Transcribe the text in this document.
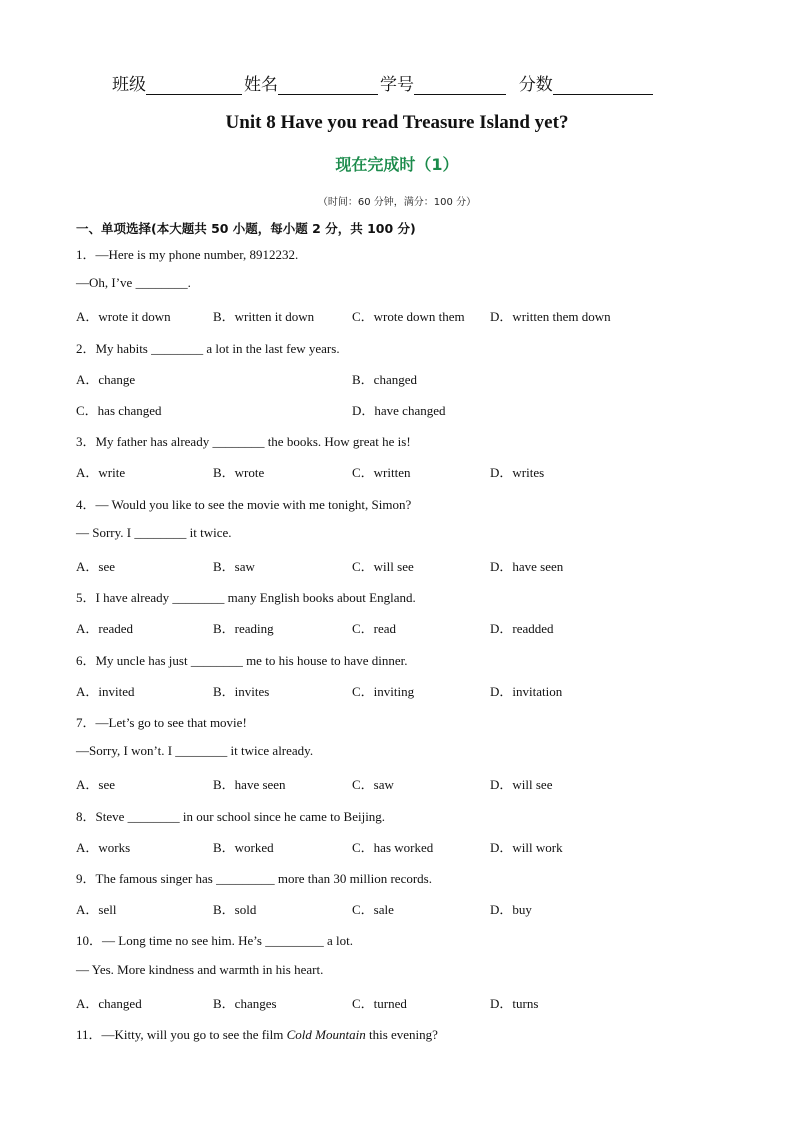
班级	姓名	学号	分数
Unit 8 Have you read Treasure Island yet?
现在完成时（1）
（时间：60 分钟，满分：100 分）
一、单项选择(本大题共 50 小题，每小题 2 分，共 100 分)
1．—Here is my phone number, 8912232.
—Oh, I’ve ________.
A．wrote it down	B．written it down	C．wrote down them D．written them down
2．My habits ________ a lot in the last few years.
A．change	B．changed
C．has changed	D．have changed
3．My father has already ________ the books. How great he is!
A．write	B．wrote	C．written	D．writes
4．— Would you like to see the movie with me tonight, Simon?
— Sorry. I ________ it twice.
A．see	B．saw	C．will see	D．have seen
5．I have already ________ many English books about England.
A．readed	B．reading	C．read	D．readded
6．My uncle has just ________ me to his house to have dinner.
A．invited	B．invites	C．inviting	D．invitation
7．—Let’s go to see that movie!
—Sorry, I won’t. I ________ it twice already.
A．see	B．have seen	C．saw	D．will see
8．Steve ________ in our school since he came to Beijing.
A．works	B．worked	C．has worked	D．will work
9．The famous singer has _________ more than 30 million records.
A．sell	B．sold	C．sale	D．buy
10．— Long time no see him. He’s _________ a lot.
— Yes. More kindness and warmth in his heart.
A．changed	B．changes	C．turned	D．turns
11．—Kitty, will you go to see the film Cold Mountain this evening?
